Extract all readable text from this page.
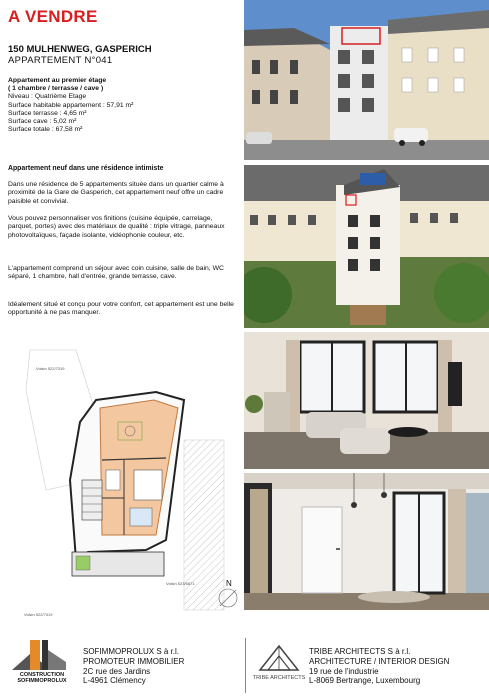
A VENDRE
150 MULHENWEG, GASPERICH
APPARTEMENT N°041
Appartement au premier étage
( 1 chambre / terrasse / cave )
Niveau : Quatrième Etage
Surface habitable appartement : 57,91 m²
Surface terrasse : 4,65 m²
Surface cave : 5,02 m²
Surface totale : 67,58 m²
Appartement neuf dans une résidence intimiste
Dans une résidence de 5 appartements située dans un quartier calme à proximité de la Gare de Gasperich, cet appartement neuf offre un cadre paisible et convivial.
Vous pouvez personnaliser vos finitions (cuisine équipée, carrelage, parquet, portes) avec des matériaux de qualité : triple vitrage, panneaux photovoltaïques, façade isolante, vidéophonie couleur, etc.
L'appartement comprend un séjour avec coin cuisine, salle de bain, WC séparé, 1 chambre, hall d'entrée, grande terrasse, cave.
Idéalement situé et conçu pour votre confort, cet appartement est une belle opportunité à ne pas manquer.
Voisin 522/7319
Voisin 523/6871
Voisin 522/7319
N
CONSTRUCTION SOFIMMOPROLUX
SOFIMMOPROLUX S à r.l.
PROMOTEUR IMMOBILIER
2C rue des Jardins
L-4961 Clémency	TRIBE ARCHITECTS
TRIBE ARCHITECTS S à r.l.
ARCHITECTURE / INTERIOR DESIGN
19 rue de l'industrie
L-8069 Bertrange, Luxembourg
